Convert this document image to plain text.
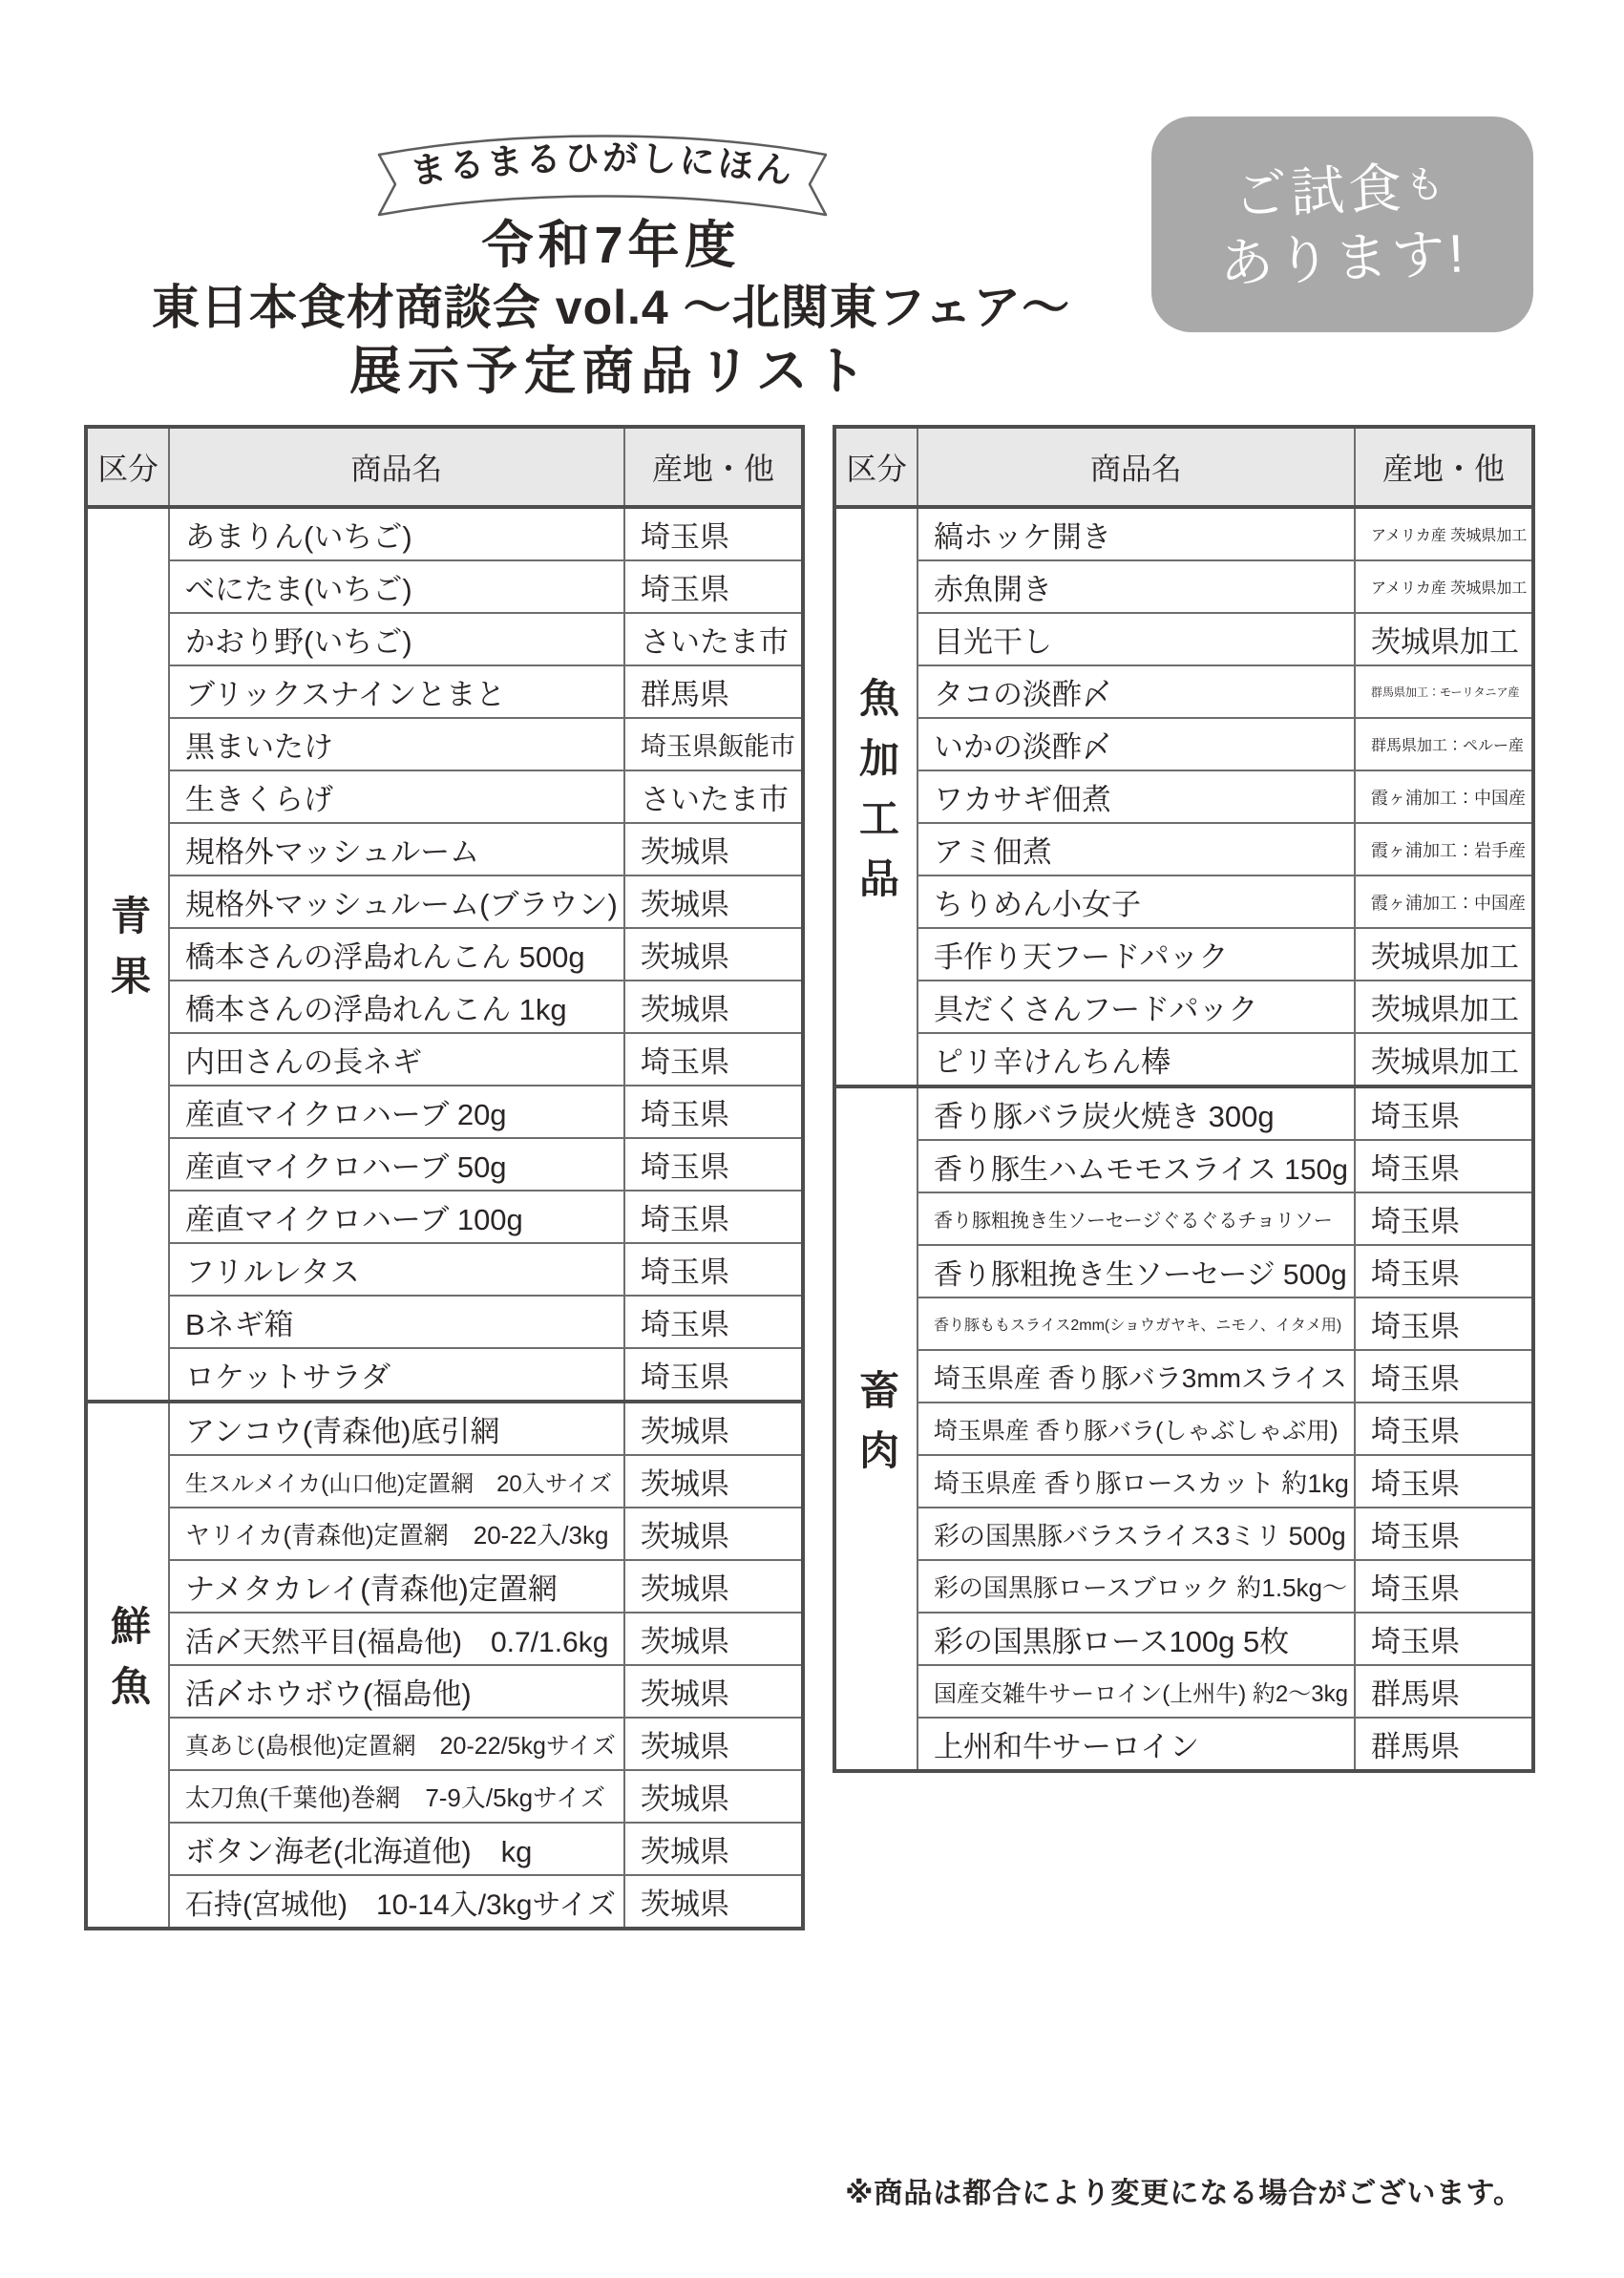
まるまるひがしにほん
令和7年度
東日本食材商談会 vol.4 ～北関東フェア～
展示予定商品リスト
ご試食も
あります!
区分	商品名	産地・他
青果
あまりん(いちご)	埼玉県
べにたま(いちご)	埼玉県
かおり野(いちご)	さいたま市
ブリックスナインとまと	群馬県
黒まいたけ	埼玉県飯能市
生きくらげ	さいたま市
規格外マッシュルーム	茨城県
規格外マッシュルーム(ブラウン) 茨城県
橋本さんの浮島れんこん 500g 茨城県
橋本さんの浮島れんこん 1kg 茨城県
内田さんの長ネギ	埼玉県
産直マイクロハーブ 20g	埼玉県
産直マイクロハーブ 50g	埼玉県
産直マイクロハーブ 100g	埼玉県
フリルレタス	埼玉県
Bネギ箱	埼玉県
ロケットサラダ	埼玉県
鮮魚
アンコウ(青森他)底引網	茨城県
生スルメイカ(山口他)定置網　20入サイズ 茨城県
ヤリイカ(青森他)定置網　20-22入/3kg 茨城県
ナメタカレイ(青森他)定置網	茨城県
活〆天然平目(福島他)　0.7/1.6kg 茨城県
活〆ホウボウ(福島他)	茨城県
真あじ(島根他)定置網　20-22/5kgサイズ 茨城県
太刀魚(千葉他)巻網　7-9入/5kgサイズ 茨城県
ボタン海老(北海道他)　kg	茨城県
石持(宮城他)　10-14入/3kgサイズ 茨城県
区分	商品名	産地・他
魚加工品
縞ホッケ開き	アメリカ産 茨城県加工
赤魚開き	アメリカ産 茨城県加工
目光干し	茨城県加工
タコの淡酢〆	群馬県加工：モーリタニア産
いかの淡酢〆	群馬県加工：ペルー産
ワカサギ佃煮	霞ヶ浦加工：中国産
アミ佃煮	霞ヶ浦加工：岩手産
ちりめん小女子	霞ヶ浦加工：中国産
手作り天フードパック	茨城県加工
具だくさんフードパック	茨城県加工
ピリ辛けんちん棒	茨城県加工
畜肉
香り豚バラ炭火焼き 300g	埼玉県
香り豚生ハムモモスライス 150g 埼玉県
香り豚粗挽き生ソーセージぐるぐるチョリソー 埼玉県
香り豚粗挽き生ソーセージ 500g 埼玉県
香り豚ももスライス2mm(ショウガヤキ、ニモノ、イタメ用) 埼玉県
埼玉県産 香り豚バラ3mmスライス 埼玉県
埼玉県産 香り豚バラ(しゃぶしゃぶ用) 埼玉県
埼玉県産 香り豚ロースカット 約1kg 埼玉県
彩の国黒豚バラスライス3ミリ 500g 埼玉県
彩の国黒豚ロースブロック 約1.5kg～ 埼玉県
彩の国黒豚ロース100g 5枚	埼玉県
国産交雑牛サーロイン(上州牛) 約2～3kg 群馬県
上州和牛サーロイン	群馬県
※商品は都合により変更になる場合がございます。
